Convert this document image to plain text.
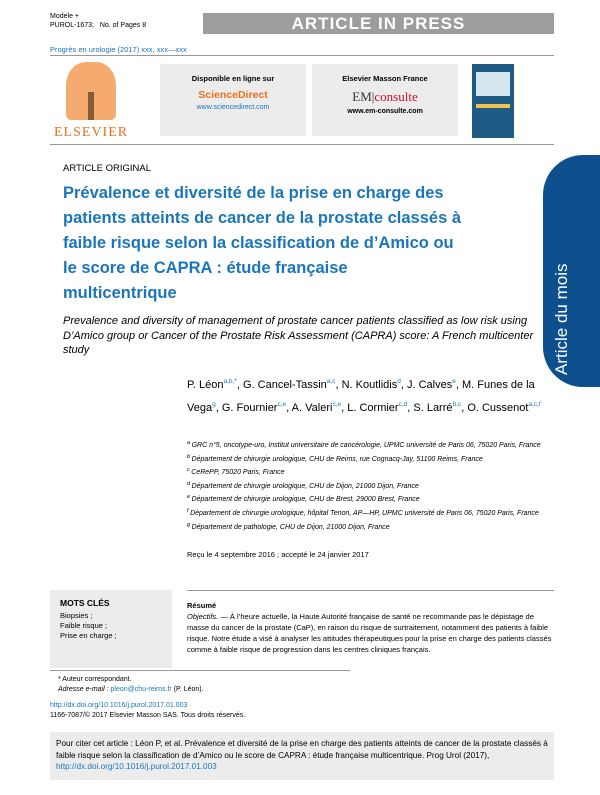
Modele +
PUROL-1673; No. of Pages 8	ARTICLE IN PRESS
Progrès en urologie (2017) xxx, xxx—xxx
ELSEVIER
Disponible en ligne sur
ScienceDirect
www.sciencedirect.com
Elsevier Masson France
EM|consulte
www.em-consulte.com
Article du mois
ARTICLE ORIGINAL
Prévalence et diversité de la prise en charge des patients atteints de cancer de la prostate classés à faible risque selon la classification de d’Amico ou le score de CAPRA : étude française multicentrique
Prevalence and diversity of management of prostate cancer patients classified as low risk using D’Amico group or Cancer of the Prostate Risk Assessment (CAPRA) score: A French multicenter study
P. Léon$^{a,b,*}$, G. Cancel-Tassin$^{a,c}$, N. Koutlidis$^d$, J. Calves$^e$, M. Funes de la Vega$^g$, G. Fournier$^{c,e}$, A. Valeri$^{c,e}$, L. Cormier$^{c,d}$, S. Larré$^{b,c}$, O. Cussenot$^{a,c,f}$
$^a$ GRC n°5, oncotype-uro, Institut universitaire de cancérologie, UPMC université de Paris 06, 75020 Paris, France
$^b$ Département de chirurgie urologique, CHU de Reims, rue Cognacq-Jay, 51100 Reims, France
$^c$ CeRePP, 75020 Paris, France
$^d$ Département de chirurgie urologique, CHU de Dijon, 21000 Dijon, France
$^e$ Département de chirurgie urologique, CHU de Brest, 29000 Brest, France
$^f$ Département de chirurgie urologique, hôpital Tenon, AP—HP, UPMC université de Paris 06, 75020 Paris, France
$^g$ Département de pathologie, CHU de Dijon, 21000 Dijon, France
Reçu le 4 septembre 2016 ; accepté le 24 janvier 2017
MOTS CLÉS
Biopsies ;
Faible risque ;
Prise en charge ;
Résumé
Objectifs. — À l’heure actuelle, la Haute Autorité française de santé ne recommande pas le dépistage de masse du cancer de la prostate (CaP), en raison du risque de surtraitement, notamment des patients à faible risque. Notre étude a visé à analyser les attitudes thérapeutiques pour la prise en charge des patients classés comme à faible risque de progression dans les centres cliniques français.
* Auteur correspondant.
Adresse e-mail : pleon@chu-reims.fr (P. Léon).
http://dx.doi.org/10.1016/j.purol.2017.01.003
1166-7087/© 2017 Elsevier Masson SAS. Tous droits réservés.
Pour citer cet article : Léon P, et al. Prévalence et diversité de la prise en charge des patients atteints de cancer de la prostate classés à faible risque selon la classification de d’Amico ou le score de CAPRA : étude française multicentrique. Prog Urol (2017), http://dx.doi.org/10.1016/j.purol.2017.01.003
